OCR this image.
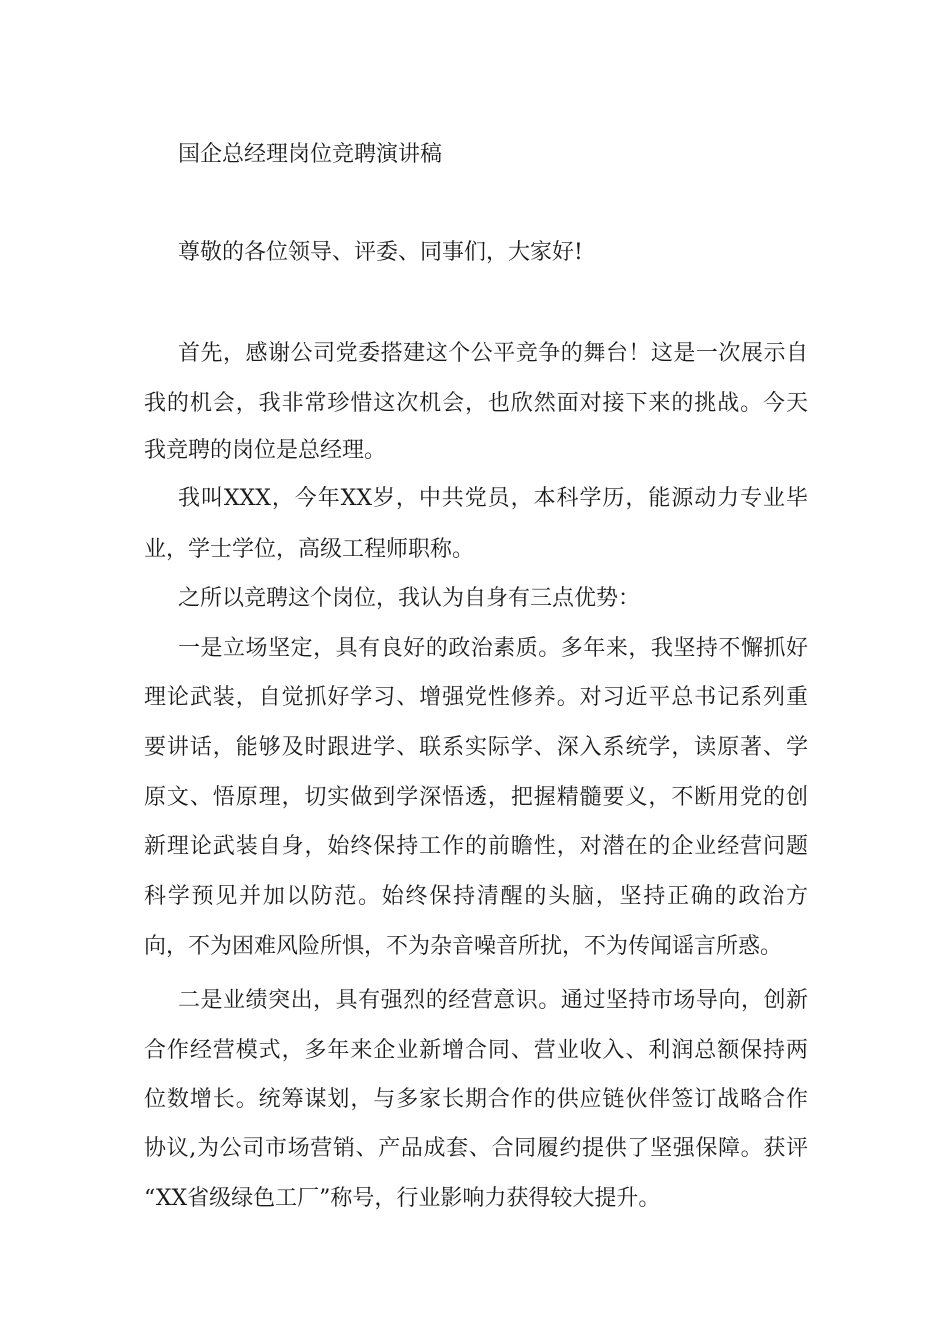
国企总经理岗位竞聘演讲稿
尊敬的各位领导、评委、同事们，大家好!
首先，感谢公司党委搭建这个公平竞争的舞台！这是一次展示自
我的机会，我非常珍惜这次机会，也欣然面对接下来的挑战。今天
我竞聘的岗位是总经理。
我叫XXX，今年XX岁，中共党员，本科学历，能源动力专业毕
业，学士学位，高级工程师职称。
之所以竞聘这个岗位，我认为自身有三点优势：
一是立场坚定，具有良好的政治素质。多年来，我坚持不懈抓好
理论武装，自觉抓好学习、增强党性修养。对习近平总书记系列重
要讲话，能够及时跟进学、联系实际学、深入系统学，读原著、学
原文、悟原理，切实做到学深悟透，把握精髓要义，不断用党的创
新理论武装自身，始终保持工作的前瞻性，对潜在的企业经营问题
科学预见并加以防范。始终保持清醒的头脑，坚持正确的政治方
向，不为困难风险所惧，不为杂音噪音所扰，不为传闻谣言所惑。
二是业绩突出，具有强烈的经营意识。通过坚持市场导向，创新
合作经营模式，多年来企业新增合同、营业收入、利润总额保持两
位数增长。统筹谋划，与多家长期合作的供应链伙伴签订战略合作
协议,为公司市场营销、产品成套、合同履约提供了坚强保障。获评
“XX省级绿色工厂”称号，行业影响力获得较大提升。
